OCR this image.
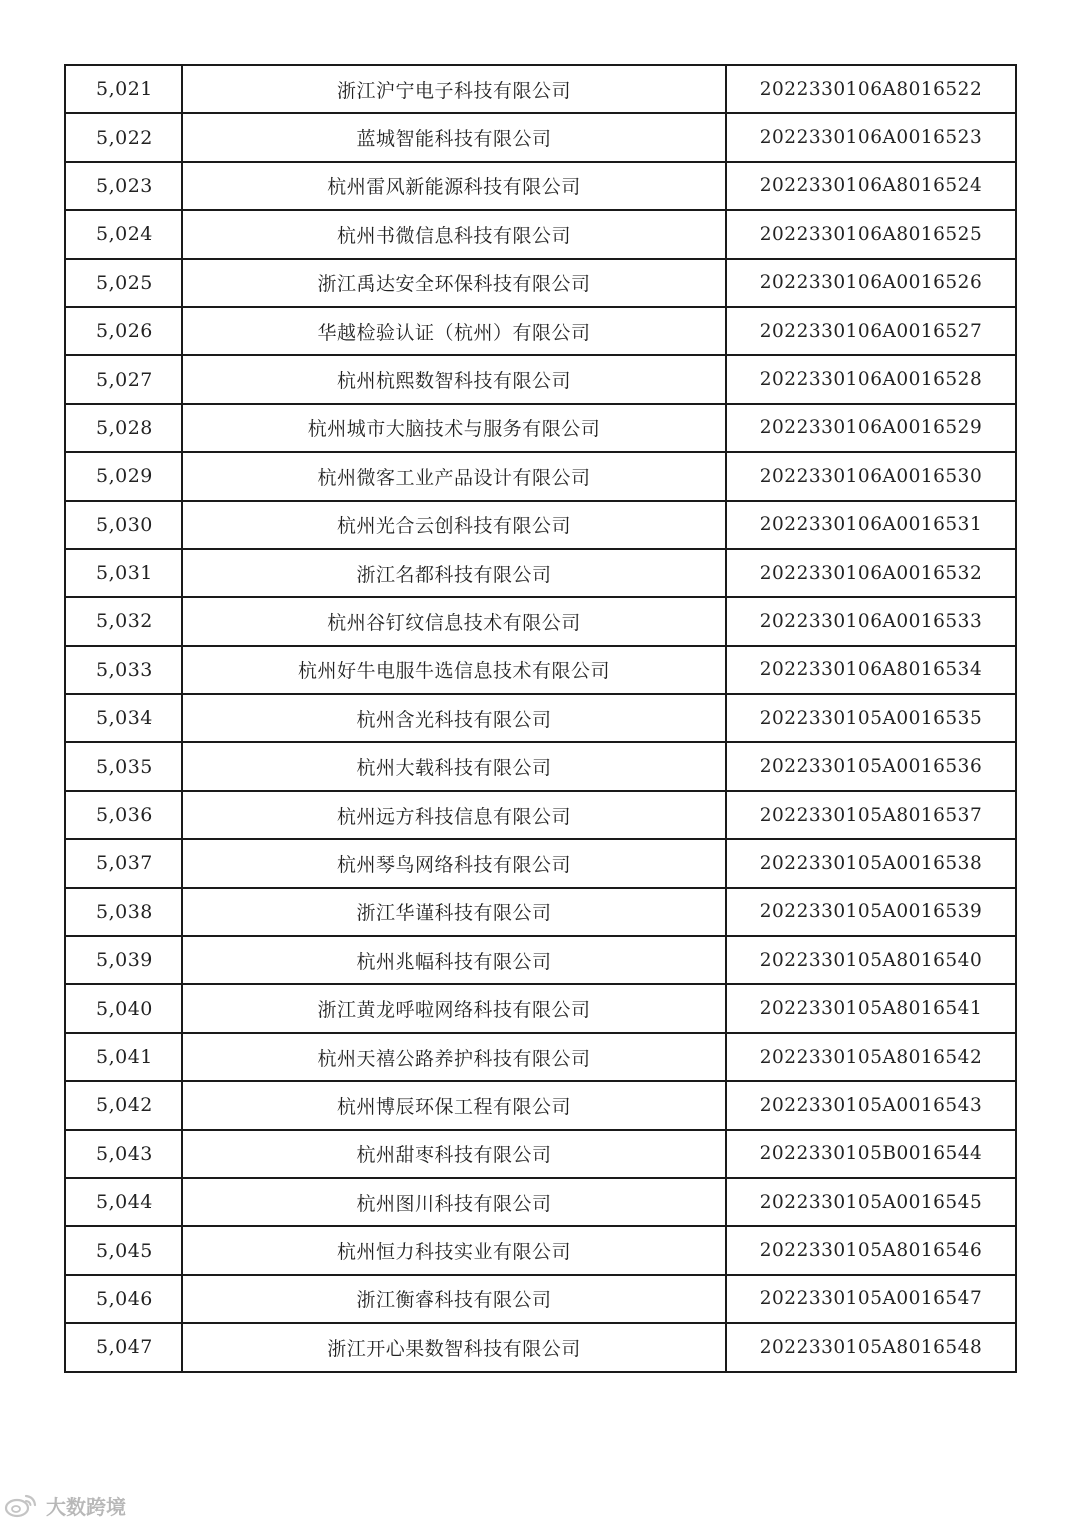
5,021	浙江沪宁电子科技有限公司	2022330106A8016522
5,022	蓝城智能科技有限公司	2022330106A0016523
5,023	杭州雷风新能源科技有限公司	2022330106A8016524
5,024	杭州书微信息科技有限公司	2022330106A8016525
5,025	浙江禹达安全环保科技有限公司	2022330106A0016526
5,026	华越检验认证（杭州）有限公司	2022330106A0016527
5,027	杭州杭熙数智科技有限公司	2022330106A0016528
5,028	杭州城市大脑技术与服务有限公司	2022330106A0016529
5,029	杭州微客工业产品设计有限公司	2022330106A0016530
5,030	杭州光合云创科技有限公司	2022330106A0016531
5,031	浙江名都科技有限公司	2022330106A0016532
5,032	杭州谷钉纹信息技术有限公司	2022330106A0016533
5,033	杭州好牛电服牛选信息技术有限公司	2022330106A8016534
5,034	杭州含光科技有限公司	2022330105A0016535
5,035	杭州大载科技有限公司	2022330105A0016536
5,036	杭州远方科技信息有限公司	2022330105A8016537
5,037	杭州琴鸟网络科技有限公司	2022330105A0016538
5,038	浙江华谨科技有限公司	2022330105A0016539
5,039	杭州兆幅科技有限公司	2022330105A8016540
5,040	浙江黄龙呼啦网络科技有限公司	2022330105A8016541
5,041	杭州天禧公路养护科技有限公司	2022330105A8016542
5,042	杭州博辰环保工程有限公司	2022330105A0016543
5,043	杭州甜枣科技有限公司	2022330105B0016544
5,044	杭州图川科技有限公司	2022330105A0016545
5,045	杭州恒力科技实业有限公司	2022330105A8016546
5,046	浙江衡睿科技有限公司	2022330105A0016547
5,047	浙江开心果数智科技有限公司	2022330105A8016548
大数跨境
